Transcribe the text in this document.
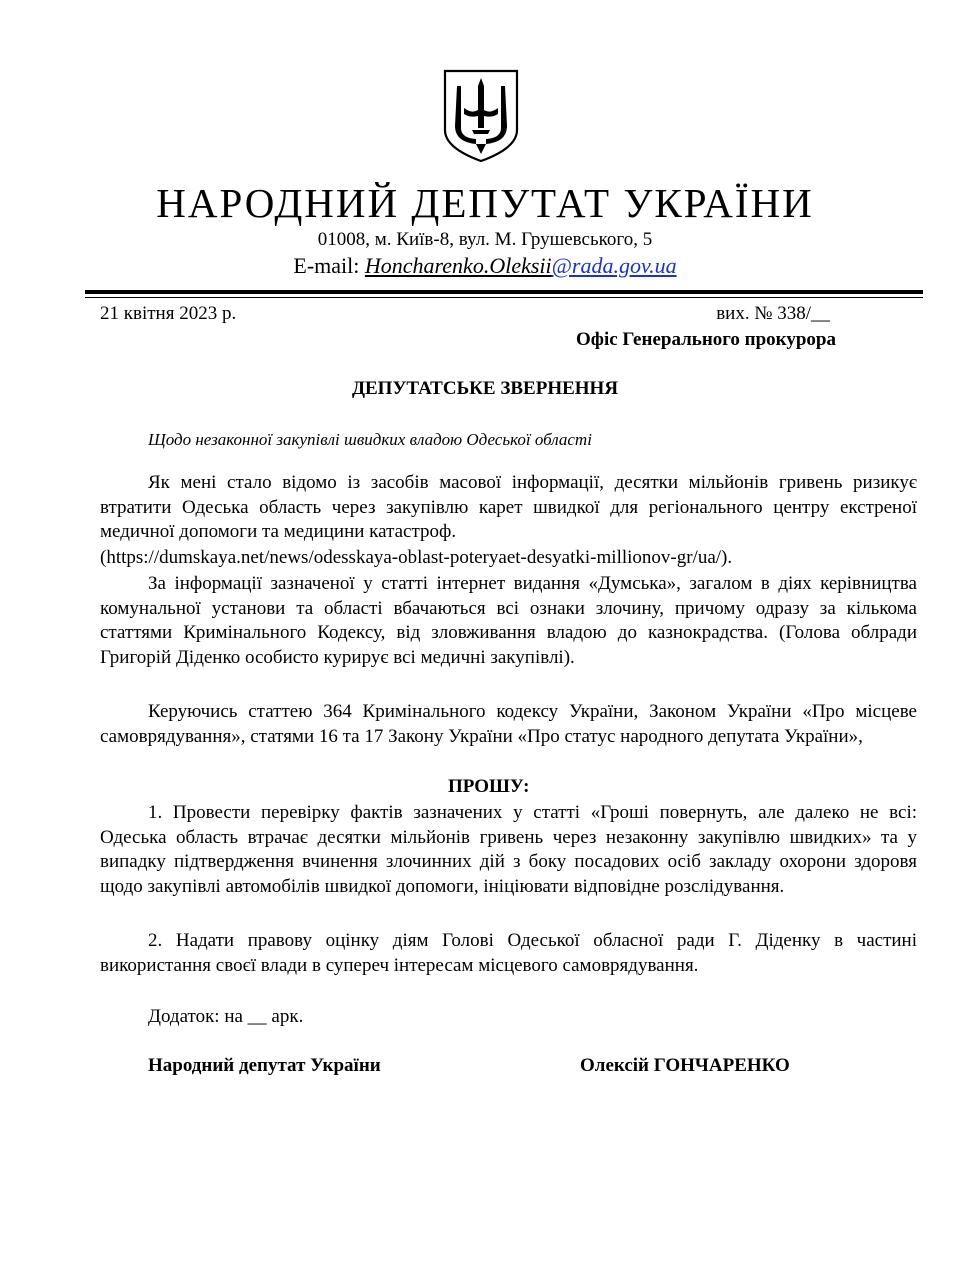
НАРОДНИЙ ДЕПУТАТ УКРАЇНИ
01008, м. Київ-8, вул. М. Грушевського, 5
E-mail: Honcharenko.Oleksii@rada.gov.ua
21 квітня 2023 р.	вих. № 338/__
Офіс Генерального прокурора
ДЕПУТАТСЬКЕ ЗВЕРНЕННЯ
Щодо незаконної закупівлі швидких владою Одеської області
Як мені стало відомо із засобів масової інформації, десятки мільйонів гривень ризикує втратити Одеська область через закупівлю карет швидкої для регіонального центру екстреної медичної допомоги та медицини катастроф.
(https://dumskaya.net/news/odesskaya-oblast-poteryaet-desyatki-millionov-gr/ua/).
За інформації зазначеної у статті інтернет видання «Думська», загалом в діях керівництва комунальної установи та області вбачаються всі ознаки злочину, причому одразу за кількома статтями Кримінального Кодексу, від зловживання владою до казнокрадства. (Голова облради Григорій Діденко особисто курирує всі медичні закупівлі).
Керуючись статтею 364 Кримінального кодексу України, Законом України «Про місцеве самоврядування», статями 16 та 17 Закону України «Про статус народного депутата України»,
ПРОШУ:
1. Провести перевірку фактів зазначених у статті «Гроші повернуть, але далеко не всі: Одеська область втрачає десятки мільйонів гривень через незаконну закупівлю швидких» та у випадку підтвердження вчинення злочинних дій з боку посадових осіб закладу охорони здоровя щодо закупівлі автомобілів швидкої допомоги, ініціювати відповідне розслідування.
2. Надати правову оцінку діям Голові Одеської обласної ради Г. Діденку в частині використання своєї влади в супереч інтересам місцевого самоврядування.
Додаток: на __ арк.
Народний депутат України	Олексій ГОНЧАРЕНКО
